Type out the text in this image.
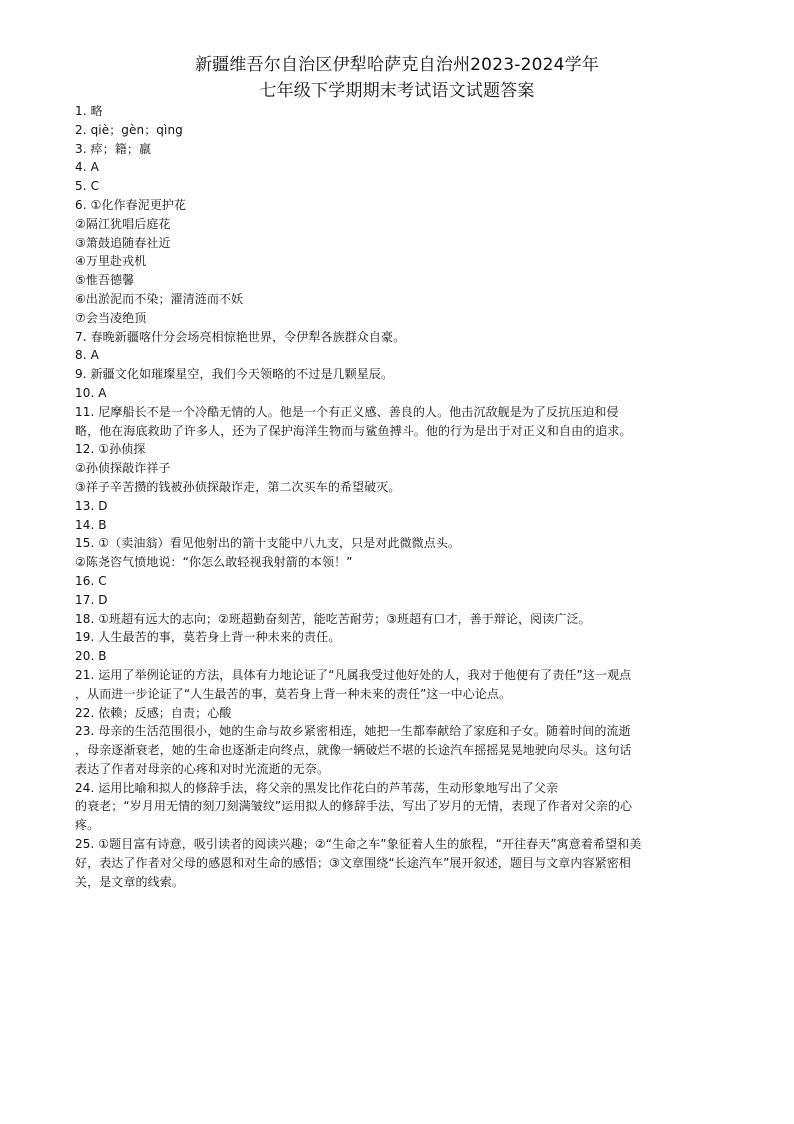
新疆维吾尔自治区伊犁哈萨克自治州2023-2024学年
七年级下学期期末考试语文试题答案
1. 略
2. qiè；gèn；qìng
3. 瘁；籍；羸
4. A
5. C
6. ①化作春泥更护花
②隔江犹唱后庭花
③箫鼓追随春社近
④万里赴戎机
⑤惟吾德馨
⑥出淤泥而不染；濯清涟而不妖
⑦会当凌绝顶
7. 春晚新疆喀什分会场亮相惊艳世界，令伊犁各族群众自豪。
8. A
9. 新疆文化如璀璨星空，我们今天领略的不过是几颗星辰。
10. A
11. 尼摩船长不是一个冷酷无情的人。他是一个有正义感、善良的人。他击沉敌舰是为了反抗压迫和侵
略，他在海底救助了许多人，还为了保护海洋生物而与鲨鱼搏斗。他的行为是出于对正义和自由的追求。
12. ①孙侦探
②孙侦探敲诈祥子
③祥子辛苦攒的钱被孙侦探敲诈走，第二次买车的希望破灭。
13. D
14. B
15. ①（卖油翁）看见他射出的箭十支能中八九支，只是对此微微点头。
②陈尧咨气愤地说：“你怎么敢轻视我射箭的本领！”
16. C
17. D
18. ①班超有远大的志向；②班超勤奋刻苦，能吃苦耐劳；③班超有口才，善于辩论，阅读广泛。
19. 人生最苦的事，莫若身上背一种未来的责任。
20. B
21. 运用了举例论证的方法，具体有力地论证了“凡属我受过他好处的人，我对于他便有了责任”这一观点
，从而进一步论证了“人生最苦的事，莫若身上背一种未来的责任”这一中心论点。
22. 依赖；反感；自责；心酸
23. 母亲的生活范围很小，她的生命与故乡紧密相连，她把一生都奉献给了家庭和子女。随着时间的流逝
，母亲逐渐衰老，她的生命也逐渐走向终点，就像一辆破烂不堪的长途汽车摇摇晃晃地驶向尽头。这句话
表达了作者对母亲的心疼和对时光流逝的无奈。
24. 运用比喻和拟人的修辞手法，将父亲的黑发比作花白的芦苇荡，生动形象地写出了父亲
的衰老；“岁月用无情的刻刀刻满皱纹”运用拟人的修辞手法，写出了岁月的无情，表现了作者对父亲的心
疼。
25. ①题目富有诗意，吸引读者的阅读兴趣；②“生命之车”象征着人生的旅程，“开往春天”寓意着希望和美
好，表达了作者对父母的感恩和对生命的感悟；③文章围绕“长途汽车”展开叙述，题目与文章内容紧密相
关，是文章的线索。
